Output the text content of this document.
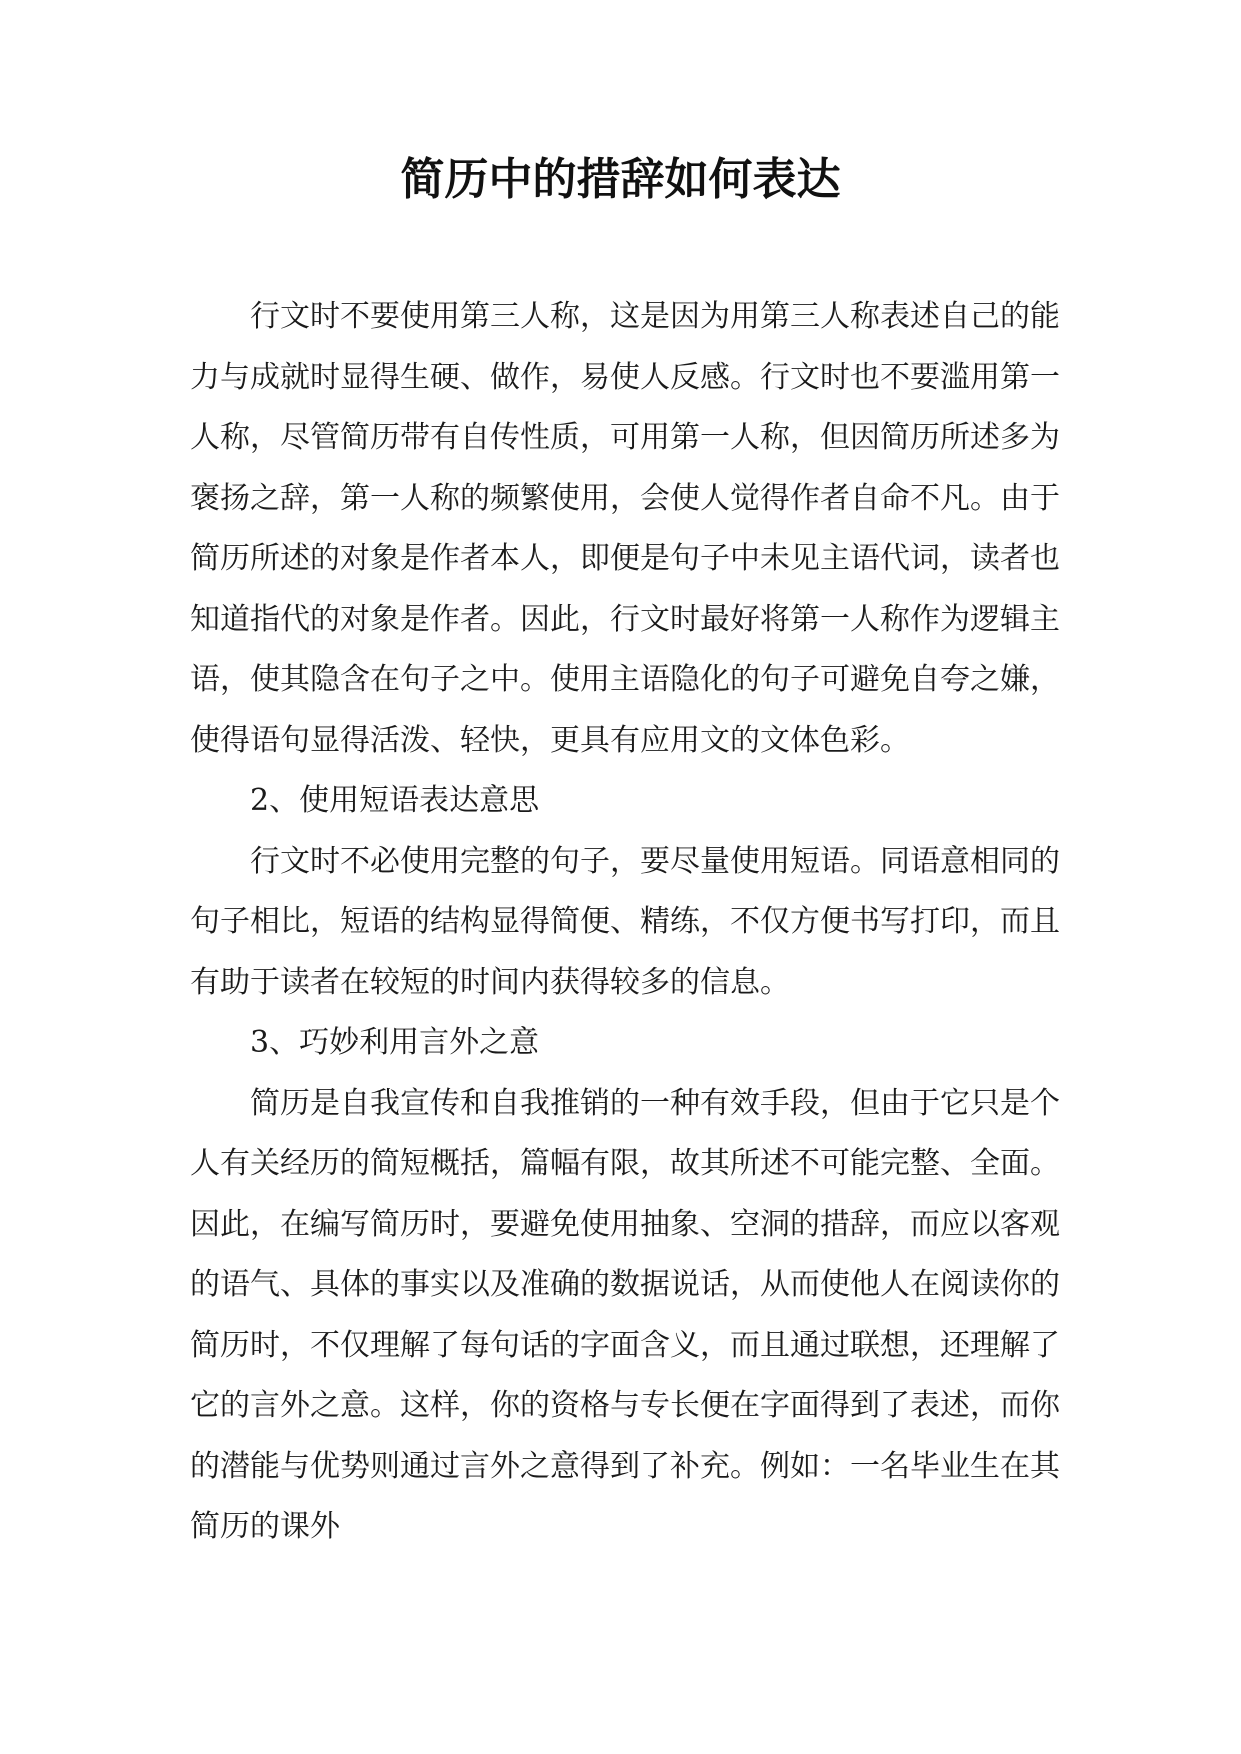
简历中的措辞如何表达

行文时不要使用第三人称，这是因为用第三人称表述自己的能力与成就时显得生硬、做作，易使人反感。行文时也不要滥用第一人称，尽管简历带有自传性质，可用第一人称，但因简历所述多为褒扬之辞，第一人称的频繁使用，会使人觉得作者自命不凡。由于简历所述的对象是作者本人，即便是句子中未见主语代词，读者也知道指代的对象是作者。因此，行文时最好将第一人称作为逻辑主语，使其隐含在句子之中。使用主语隐化的句子可避免自夸之嫌，使得语句显得活泼、轻快，更具有应用文的文体色彩。

2、使用短语表达意思

行文时不必使用完整的句子，要尽量使用短语。同语意相同的句子相比，短语的结构显得简便、精练，不仅方便书写打印，而且有助于读者在较短的时间内获得较多的信息。

3、巧妙利用言外之意

简历是自我宣传和自我推销的一种有效手段，但由于它只是个人有关经历的简短概括，篇幅有限，故其所述不可能完整、全面。因此，在编写简历时，要避免使用抽象、空洞的措辞，而应以客观的语气、具体的事实以及准确的数据说话，从而使他人在阅读你的简历时，不仅理解了每句话的字面含义，而且通过联想，还理解了它的言外之意。这样，你的资格与专长便在字面得到了表述，而你的潜能与优势则通过言外之意得到了补充。例如：一名毕业生在其简历的课外
